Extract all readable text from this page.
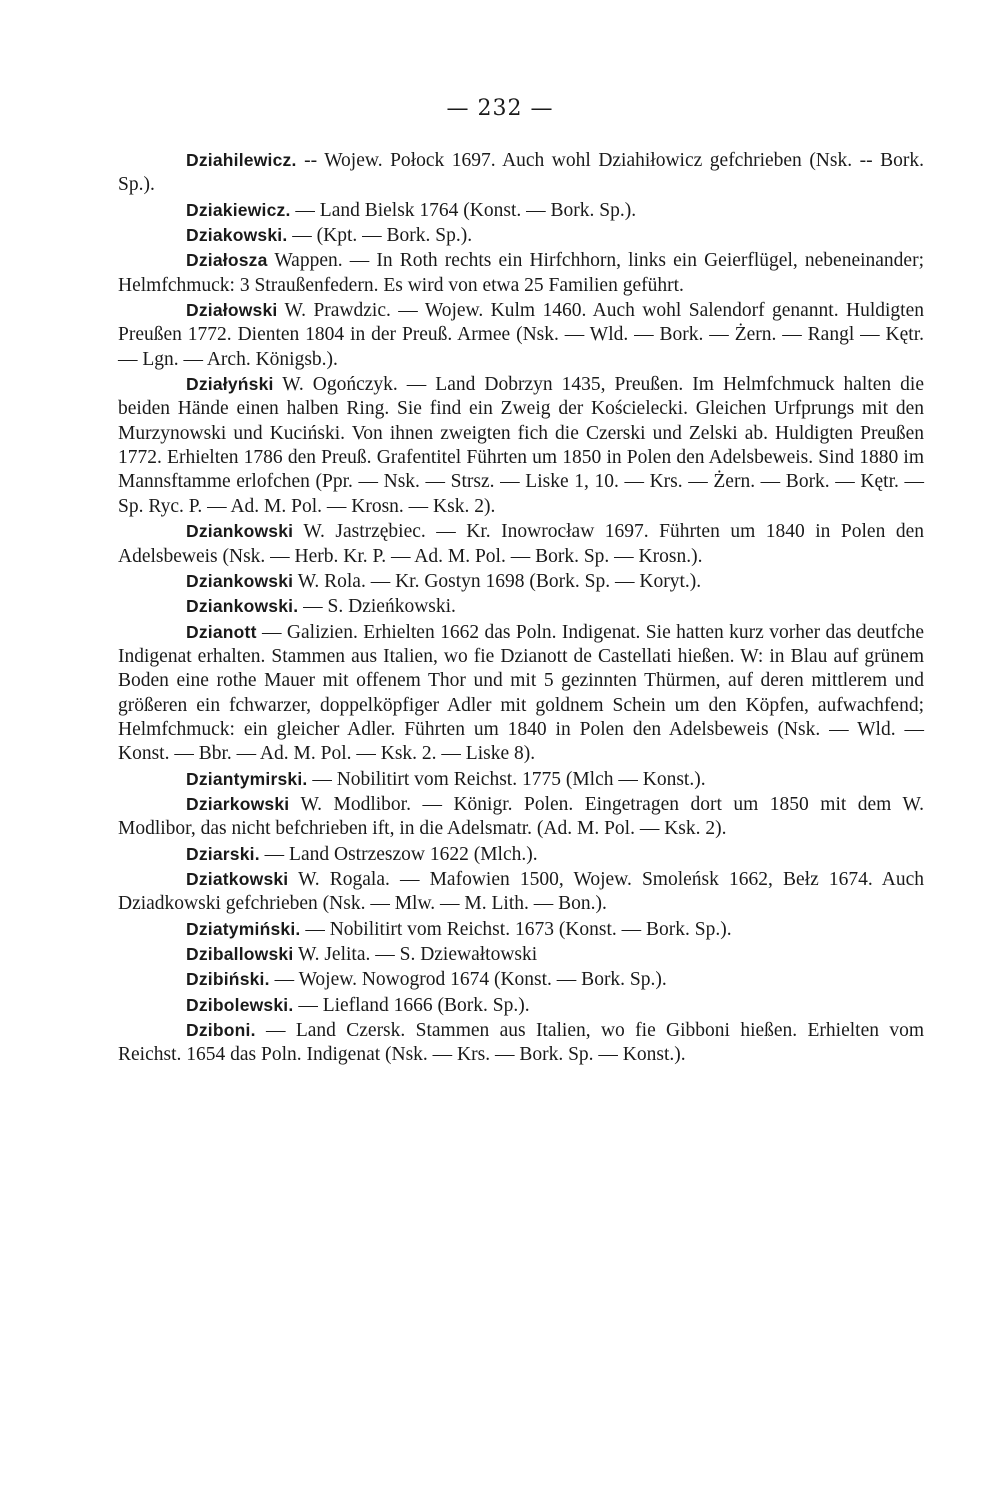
— 232 —

Dziahilewicz. -- Wojew. Połock 1697. Auch wohl Dziahiłowicz gefchrieben (Nsk. -- Bork. Sp.).

Dziakiewicz. — Land Bielsk 1764 (Konst. — Bork. Sp.).

Dziakowski. — (Kpt. — Bork. Sp.).

Działosza Wappen. — In Roth rechts ein Hirfchhorn, links ein Geierflügel, nebeneinander; Helmfchmuck: 3 Straußenfedern. Es wird von etwa 25 Familien geführt.

Działowski W. Prawdzic. — Wojew. Kulm 1460. Auch wohl Salendorf genannt. Huldigten Preußen 1772. Dienten 1804 in der Preuß. Armee (Nsk. — Wld. — Bork. — Żern. — Rangl — Kętr. — Lgn. — Arch. Königsb.).

Działyński W. Ogończyk. — Land Dobrzyn 1435, Preußen. Im Helmfchmuck halten die beiden Hände einen halben Ring. Sie find ein Zweig der Kościelecki. Gleichen Urfprungs mit den Murzynowski und Kuciński. Von ihnen zweigten fich die Czerski und Zelski ab. Huldigten Preußen 1772. Erhielten 1786 den Preuß. Grafentitel Führten um 1850 in Polen den Adelsbeweis. Sind 1880 im Mannsftamme erlofchen (Ppr. — Nsk. — Strsz. — Liske 1, 10. — Krs. — Żern. — Bork. — Kętr. — Sp. Ryc. P. — Ad. M. Pol. — Krosn. — Ksk. 2).

Dziankowski W. Jastrzębiec. — Kr. Inowrocław 1697. Führten um 1840 in Polen den Adelsbeweis (Nsk. — Herb. Kr. P. — Ad. M. Pol. — Bork. Sp. — Krosn.).

Dziankowski W. Rola. — Kr. Gostyn 1698 (Bork. Sp. — Koryt.).

Dziankowski. — S. Dzieńkowski.

Dzianott — Galizien. Erhielten 1662 das Poln. Indigenat. Sie hatten kurz vorher das deutfche Indigenat erhalten. Stammen aus Italien, wo fie Dzianott de Castellati hießen. W: in Blau auf grünem Boden eine rothe Mauer mit offenem Thor und mit 5 gezinnten Thürmen, auf deren mittlerem und größeren ein fchwarzer, doppelköpfiger Adler mit goldnem Schein um den Köpfen, aufwachfend; Helmfchmuck: ein gleicher Adler. Führten um 1840 in Polen den Adelsbeweis (Nsk. — Wld. — Konst. — Bbr. — Ad. M. Pol. — Ksk. 2. — Liske 8).

Dziantymirski. — Nobilitirt vom Reichst. 1775 (Mlch — Konst.).

Dziarkowski W. Modlibor. — Königr. Polen. Eingetragen dort um 1850 mit dem W. Modlibor, das nicht befchrieben ift, in die Adelsmatr. (Ad. M. Pol. — Ksk. 2).

Dziarski. — Land Ostrzeszow 1622 (Mlch.).

Dziatkowski W. Rogala. — Mafowien 1500, Wojew. Smoleńsk 1662, Bełz 1674. Auch Dziadkowski gefchrieben (Nsk. — Mlw. — M. Lith. — Bon.).

Dziatymiński. — Nobilitirt vom Reichst. 1673 (Konst. — Bork. Sp.).

Dziballowski W. Jelita. — S. Dziewałtowski

Dzibiński. — Wojew. Nowogrod 1674 (Konst. — Bork. Sp.).

Dzibolewski. — Liefland 1666 (Bork. Sp.).

Dziboni. — Land Czersk. Stammen aus Italien, wo fie Gibboni hießen. Erhielten vom Reichst. 1654 das Poln. Indigenat (Nsk. — Krs. — Bork. Sp. — Konst.).
